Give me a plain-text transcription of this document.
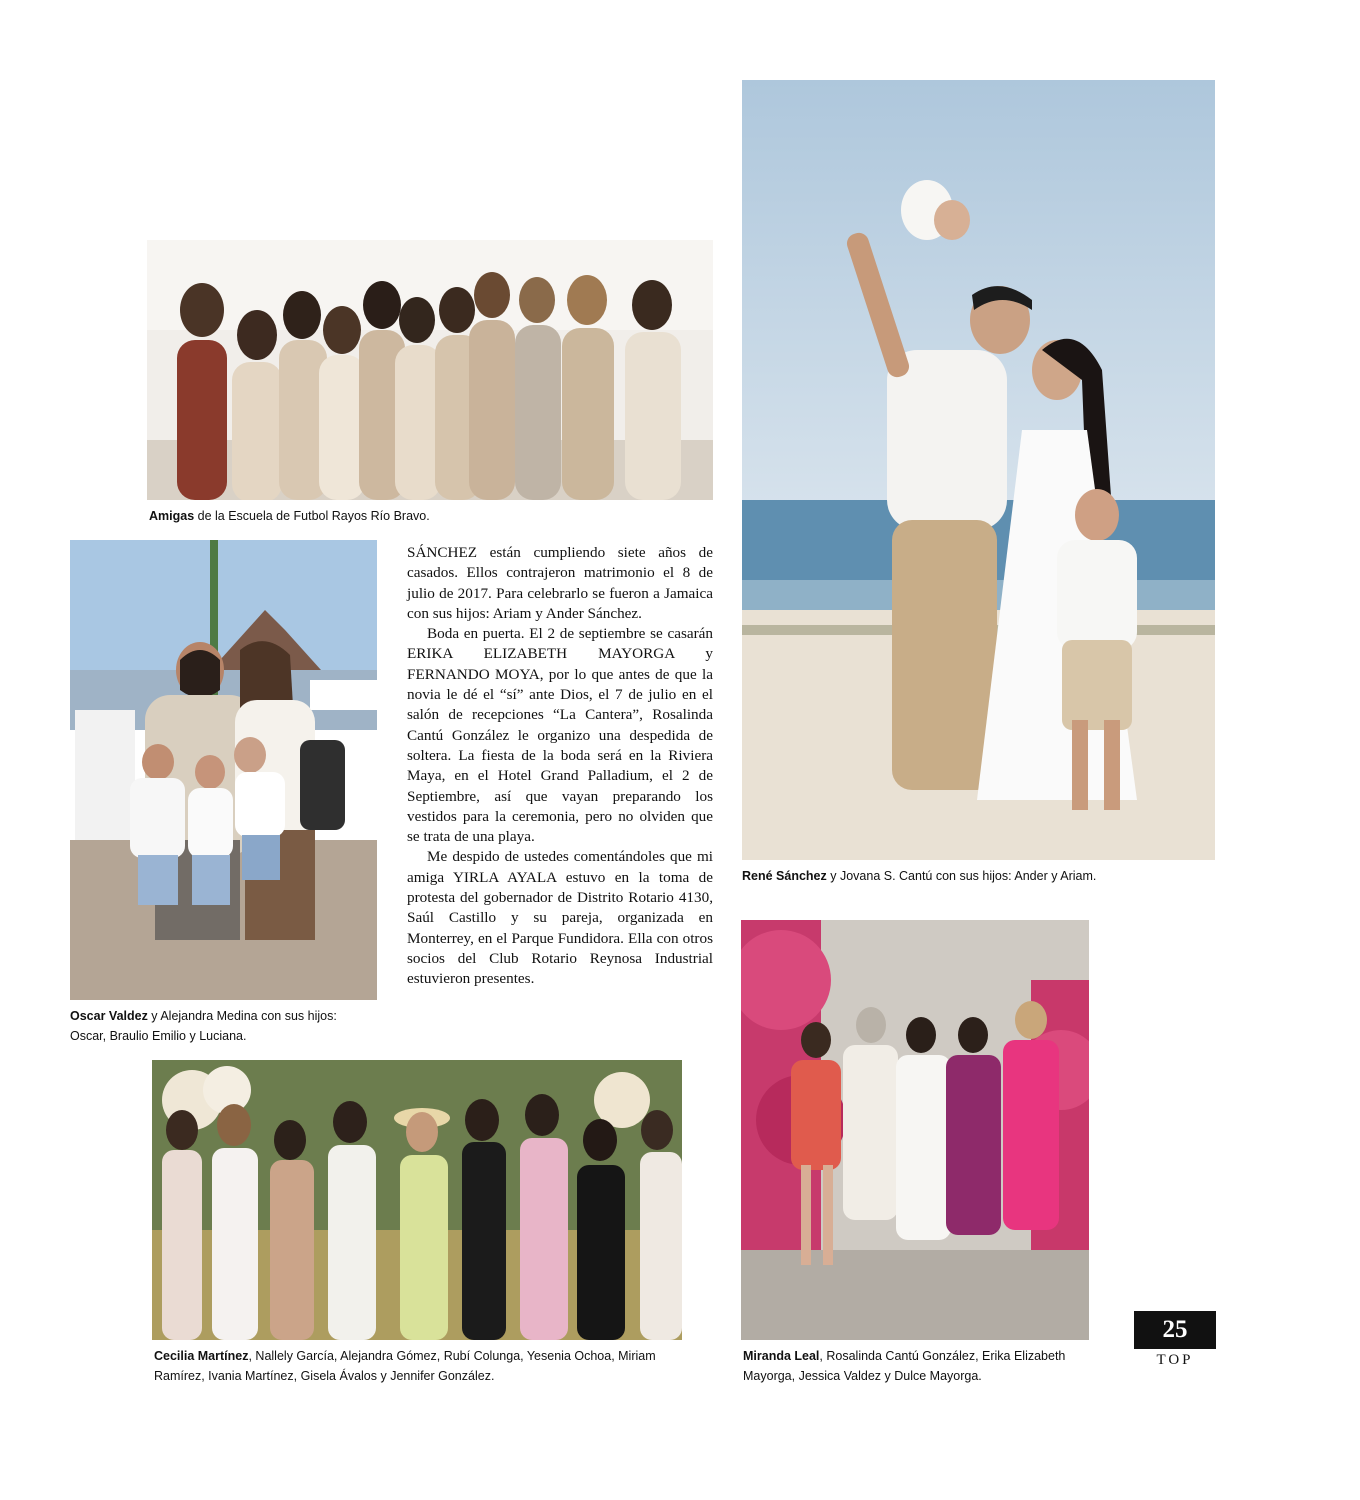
Amigas de la Escuela de Futbol Rayos Río Bravo.
René Sánchez y Jovana S. Cantú con sus hijos: Ander y Ariam.
Oscar Valdez y Alejandra Medina con sus hijos: Oscar, Braulio Emilio y Luciana.

SÁNCHEZ están cumpliendo siete años de casados. Ellos contrajeron matrimonio el 8 de julio de 2017. Para celebrarlo se fueron a Jamaica con sus hijos: Ariam y Ander Sánchez.

Boda en puerta. El 2 de septiembre se casarán ERIKA ELIZABETH MAYORGA y FERNANDO MOYA, por lo que antes de que la novia le dé el “sí” ante Dios, el 7 de julio en el salón de recepciones “La Cantera”, Rosalinda Cantú González le organizo una despedida de soltera. La fiesta de la boda será en la Riviera Maya, en el Hotel Grand Palladium, el 2 de Septiembre, así que vayan preparando los vestidos para la ceremonia, pero no olviden que se trata de una playa.

Me despido de ustedes comentándoles que mi amiga YIRLA AYALA estuvo en la toma de protesta del gobernador de Distrito Rotario 4130, Saúl Castillo y su pareja, organizada en Monterrey, en el Parque Fundidora. Ella con otros socios del Club Rotario Reynosa Industrial estuvieron presentes.

Cecilia Martínez, Nallely García, Alejandra Gómez, Rubí Colunga, Yesenia Ochoa, Miriam Ramírez, Ivania Martínez, Gisela Ávalos y Jennifer González.
Miranda Leal, Rosalinda Cantú González, Erika Elizabeth Mayorga, Jessica Valdez y Dulce Mayorga.
25
TOP
